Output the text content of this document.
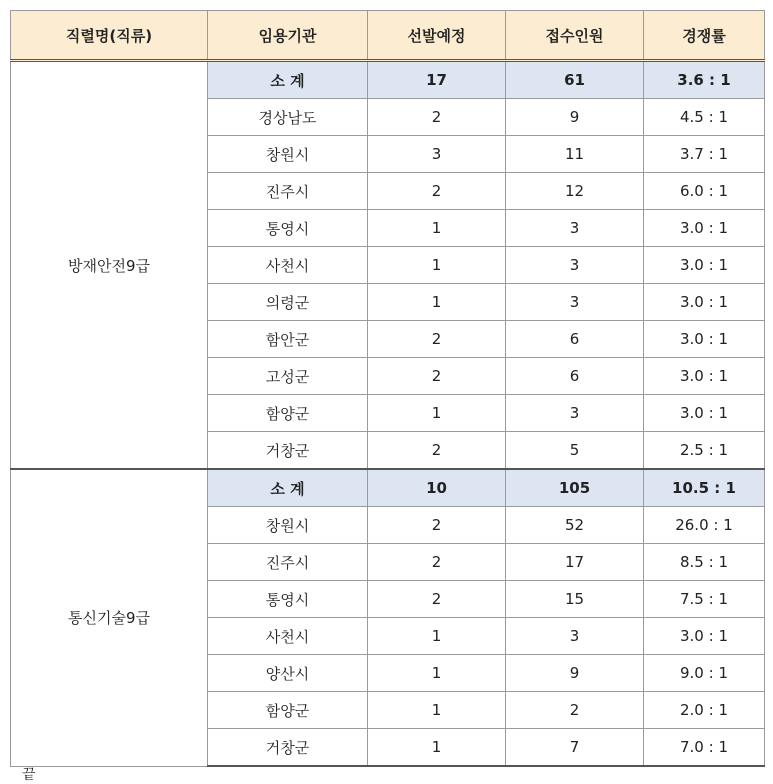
직렬명(직류)	임용기관	선발예정	접수인원	경쟁률
방재안전9급	소 계	17	61	3.6 : 1
	경상남도	2	9	4.5 : 1
	창원시	3	11	3.7 : 1
	진주시	2	12	6.0 : 1
	통영시	1	3	3.0 : 1
	사천시	1	3	3.0 : 1
	의령군	1	3	3.0 : 1
	함안군	2	6	3.0 : 1
	고성군	2	6	3.0 : 1
	함양군	1	3	3.0 : 1
	거창군	2	5	2.5 : 1
통신기술9급	소 계	10	105	10.5 : 1
	창원시	2	52	26.0 : 1
	진주시	2	17	8.5 : 1
	통영시	2	15	7.5 : 1
	사천시	1	3	3.0 : 1
	양산시	1	9	9.0 : 1
	함양군	1	2	2.0 : 1
	거창군	1	7	7.0 : 1
끝
